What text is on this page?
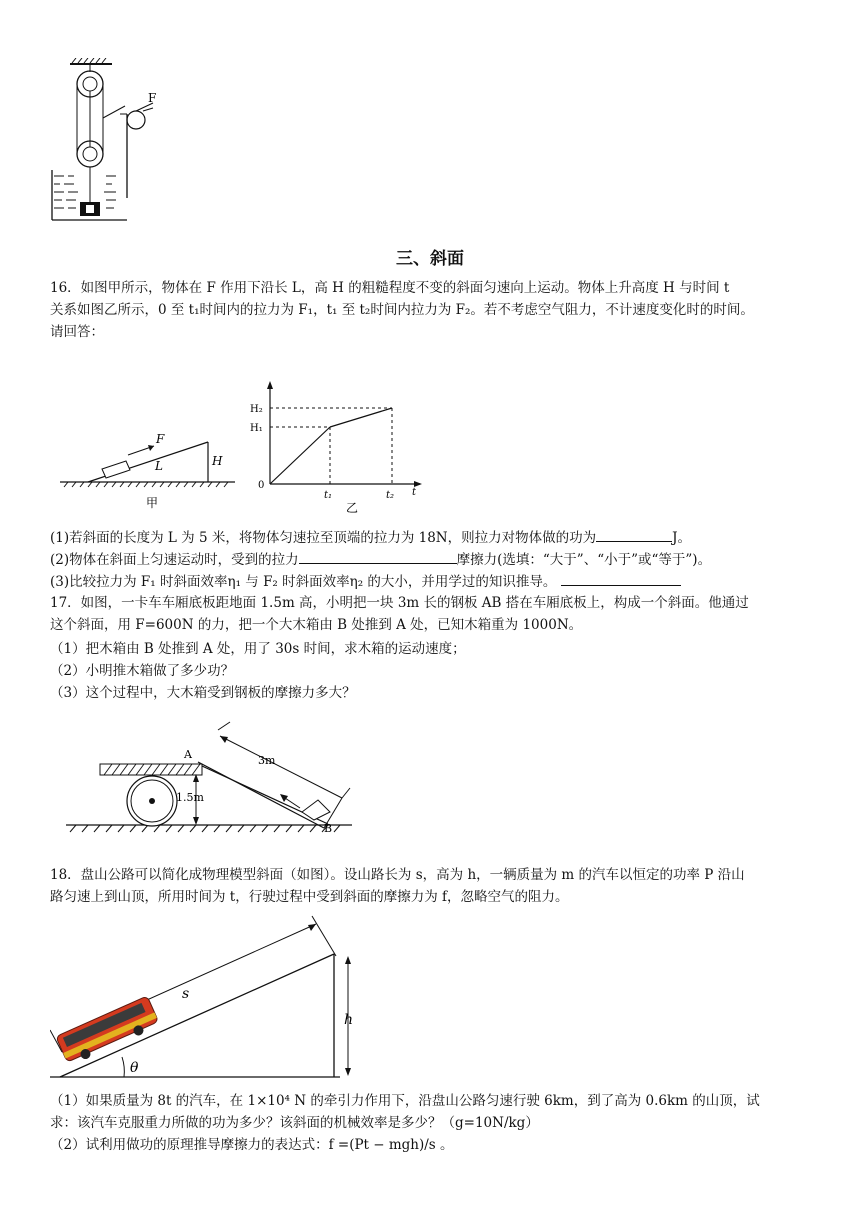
F
三、斜面
16．如图甲所示，物体在 F 作用下沿长 L，高 H 的粗糙程度不变的斜面匀速向上运动。物体上升高度 H 与时间 t
关系如图乙所示，0 至 t₁时间内的拉力为 F₁，t₁ 至 t₂时间内拉力为 F₂。若不考虑空气阻力，不计速度变化时的时间。
请回答：
F
L	H
甲
H₂
H₁
0
t₁	t₂ t
乙
(1)若斜面的长度为 L 为 5 米，将物体匀速拉至顶端的拉力为 18N，则拉力对物体做的功为	J。
(2)物体在斜面上匀速运动时，受到的拉力	摩擦力(选填：“大于”、“小于”或“等于”)。
(3)比较拉力为 F₁ 时斜面效率η₁ 与 F₂ 时斜面效率η₂ 的大小，并用学过的知识推导。
17．如图，一卡车车厢底板距地面 1.5m 高，小明把一块 3m 长的钢板 AB 搭在车厢底板上，构成一个斜面。他通过
这个斜面，用 F=600N 的力，把一个大木箱由 B 处推到 A 处，已知木箱重为 1000N。
（1）把木箱由 B 处推到 A 处，用了 30s 时间，求木箱的运动速度；
（2）小明推木箱做了多少功？
（3）这个过程中，大木箱受到钢板的摩擦力多大？
1.5m
3m
A
B
18．盘山公路可以简化成物理模型斜面（如图）。设山路长为 s，高为 h，一辆质量为 m 的汽车以恒定的功率 P 沿山
路匀速上到山顶，所用时间为 t，行驶过程中受到斜面的摩擦力为 f，忽略空气的阻力。
s
h
θ
（1）如果质量为 8t 的汽车，在 1×10⁴ N 的牵引力作用下，沿盘山公路匀速行驶 6km，到了高为 0.6km 的山顶，试
求：该汽车克服重力所做的功为多少？该斜面的机械效率是多少？（g=10N/kg）
（2）试利用做功的原理推导摩擦力的表达式：f =(Pt − mgh)/s 。
